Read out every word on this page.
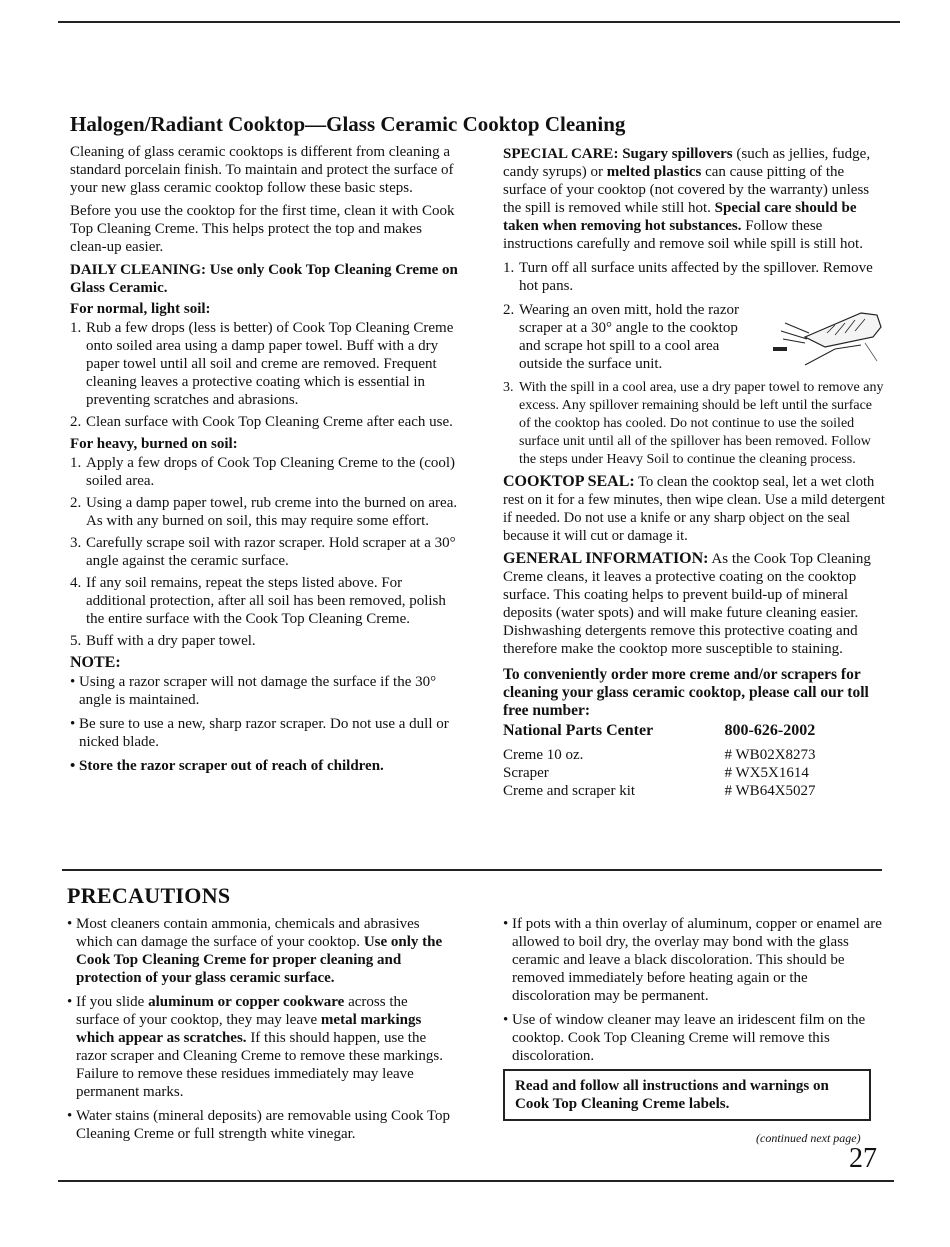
Halogen/Radiant Cooktop—Glass Ceramic Cooktop Cleaning

Cleaning of glass ceramic cooktops is different from cleaning a standard porcelain finish. To maintain and protect the surface of your new glass ceramic cooktop follow these basic steps.

Before you use the cooktop for the first time, clean it with Cook Top Cleaning Creme. This helps protect the top and makes clean-up easier.

DAILY CLEANING: Use only Cook Top Cleaning Creme on Glass Ceramic.

For normal, light soil:
1. Rub a few drops (less is better) of Cook Top Cleaning Creme onto soiled area using a damp paper towel. Buff with a dry paper towel until all soil and creme are removed. Frequent cleaning leaves a protective coating which is essential in preventing scratches and abrasions.
2. Clean surface with Cook Top Cleaning Creme after each use.
For heavy, burned on soil:
1. Apply a few drops of Cook Top Cleaning Creme to the (cool) soiled area.
2. Using a damp paper towel, rub creme into the burned on area. As with any burned on soil, this may require some effort.
3. Carefully scrape soil with razor scraper. Hold scraper at a 30° angle against the ceramic surface.
4. If any soil remains, repeat the steps listed above. For additional protection, after all soil has been removed, polish the entire surface with the Cook Top Cleaning Creme.
5. Buff with a dry paper towel.
NOTE:
• Using a razor scraper will not damage the surface if the 30° angle is maintained.
• Be sure to use a new, sharp razor scraper. Do not use a dull or nicked blade.
• Store the razor scraper out of reach of children.

SPECIAL CARE: Sugary spillovers (such as jellies, fudge, candy syrups) or melted plastics can cause pitting of the surface of your cooktop (not covered by the warranty) unless the spill is removed while still hot. Special care should be taken when removing hot substances. Follow these instructions carefully and remove soil while spill is still hot.

1. Turn off all surface units affected by the spillover. Remove hot pans.
2. Wearing an oven mitt, hold the razor scraper at a 30° angle to the cooktop and scrape hot spill to a cool area outside the surface unit.
3. With the spill in a cool area, use a dry paper towel to remove any excess. Any spillover remaining should be left until the surface of the cooktop has cooled. Do not continue to use the soiled surface unit until all of the spillover has been removed. Follow the steps under Heavy Soil to continue the cleaning process.

COOKTOP SEAL: To clean the cooktop seal, let a wet cloth rest on it for a few minutes, then wipe clean. Use a mild detergent if needed. Do not use a knife or any sharp object on the seal because it will cut or damage it.

GENERAL INFORMATION: As the Cook Top Cleaning Creme cleans, it leaves a protective coating on the cooktop surface. This coating helps to prevent build-up of mineral deposits (water spots) and will make future cleaning easier. Dishwashing detergents remove this protective coating and therefore make the cooktop more susceptible to staining.

To conveniently order more creme and/or scrapers for cleaning your glass ceramic cooktop, please call our toll free number:

National Parts Center	800-626-2002
Creme 10 oz.	# WB02X8273
Scraper	# WX5X1614
Creme and scraper kit	# WB64X5027
PRECAUTIONS
• Most cleaners contain ammonia, chemicals and abrasives which can damage the surface of your cooktop. Use only the Cook Top Cleaning Creme for proper cleaning and protection of your glass ceramic surface.
• If you slide aluminum or copper cookware across the surface of your cooktop, they may leave metal markings which appear as scratches. If this should happen, use the razor scraper and Cleaning Creme to remove these markings. Failure to remove these residues immediately may leave permanent marks.
• Water stains (mineral deposits) are removable using Cook Top Cleaning Creme or full strength white vinegar.
• If pots with a thin overlay of aluminum, copper or enamel are allowed to boil dry, the overlay may bond with the glass ceramic and leave a black discoloration. This should be removed immediately before heating again or the discoloration may be permanent.
• Use of window cleaner may leave an iridescent film on the cooktop. Cook Top Cleaning Creme will remove this discoloration.
Read and follow all instructions and warnings on Cook Top Cleaning Creme labels.
(continued next page)
27
